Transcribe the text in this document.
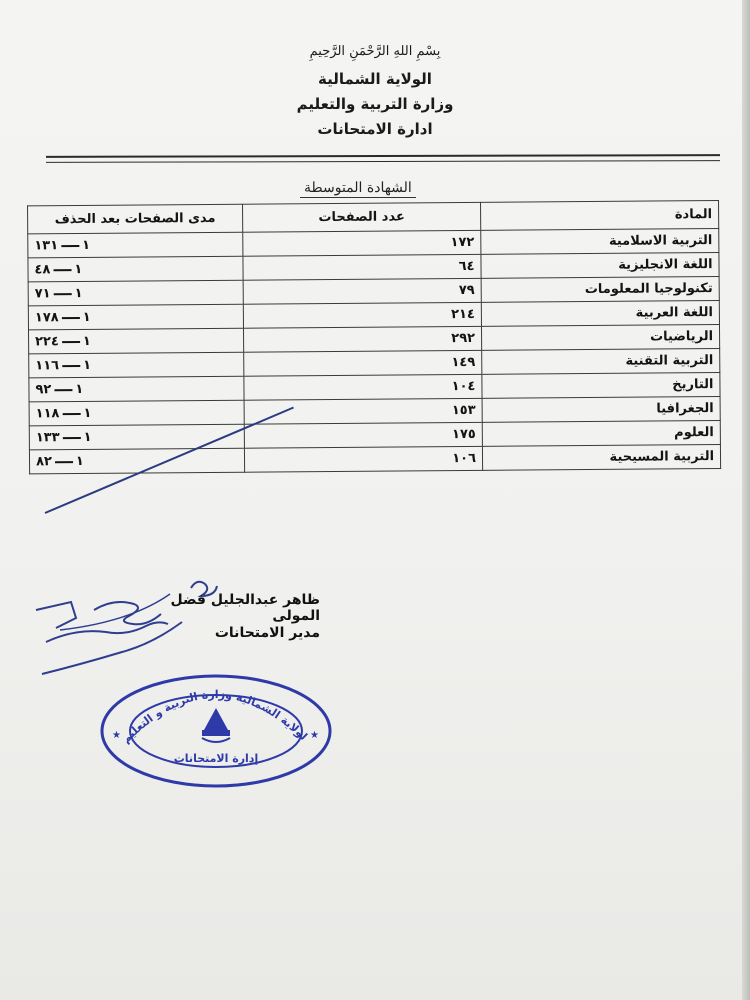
بِسْمِ اللهِ الرَّحْمَنِ الرَّحِيمِ
الولاية الشمالية
وزارة التربية والتعليم
ادارة الامتحانات
الشهادة المتوسطة
المادة	عدد الصفحات	مدى الصفحات بعد الحذف
التربية الاسلامية	١٧٢	١١٣١
اللغة الانجليزية	٦٤	١٤٨
تكنولوجيا المعلومات	٧٩	١٧١
اللغة العربية	٢١٤	١١٧٨
الرياضيات	٢٩٢	١٢٢٤
التربية التقنية	١٤٩	١١١٦
التاريخ	١٠٤	١٩٢
الجغرافيا	١٥٣	١١١٨
العلوم	١٧٥	١١٣٣
التربية المسيحية	١٠٦	١٨٢
ظاهر عبدالجليل فضل المولى
مدير الامتحانات
★	★
الولاية الشمالية وزارة التربية و التعليم
إدارة الامتحانات
